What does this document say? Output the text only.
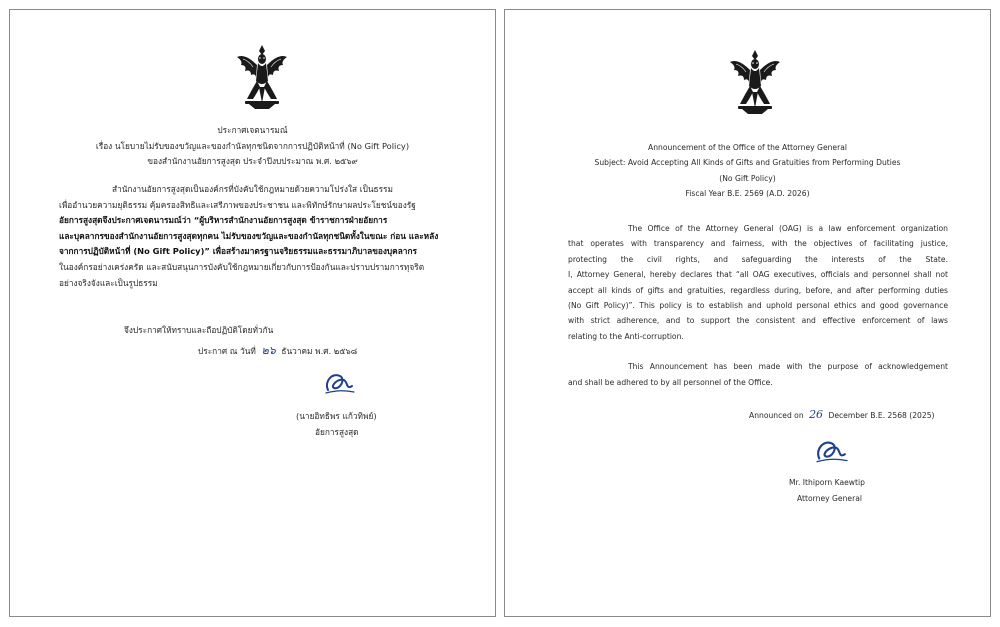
ประกาศเจตนารมณ์
เรื่อง นโยบายไม่รับของขวัญและของกำนัลทุกชนิดจากการปฏิบัติหน้าที่ (No Gift Policy)
ของสำนักงานอัยการสูงสุด ประจำปีงบประมาณ พ.ศ. ๒๕๖๙
สำนักงานอัยการสูงสุดเป็นองค์กรที่บังคับใช้กฎหมายด้วยความโปร่งใส เป็นธรรม
เพื่ออำนวยความยุติธรรม คุ้มครองสิทธิและเสรีภาพของประชาชน และพิทักษ์รักษาผลประโยชน์ของรัฐ
อัยการสูงสุดจึงประกาศเจตนารมณ์ว่า “ผู้บริหารสำนักงานอัยการสูงสุด ข้าราชการฝ่ายอัยการ
และบุคลากรของสำนักงานอัยการสูงสุดทุกคน ไม่รับของขวัญและของกำนัลทุกชนิดทั้งในขณะ ก่อน และหลัง
จากการปฏิบัติหน้าที่ (No Gift Policy)” เพื่อสร้างมาตรฐานจริยธรรมและธรรมาภิบาลของบุคลากร
ในองค์กรอย่างเคร่งครัด และสนับสนุนการบังคับใช้กฎหมายเกี่ยวกับการป้องกันและปราบปรามการทุจริต
อย่างจริงจังและเป็นรูปธรรม
จึงประกาศให้ทราบและถือปฏิบัติโดยทั่วกัน
ประกาศ ณ วันที่ ๒๖ ธันวาคม พ.ศ. ๒๕๖๘
(นายอิทธิพร แก้วทิพย์)
อัยการสูงสุด
Announcement of the Office of the Attorney General
Subject: Avoid Accepting All Kinds of Gifts and Gratuities from Performing Duties
(No Gift Policy)
Fiscal Year B.E. 2569 (A.D. 2026)
The Office of the Attorney General (OAG) is a law enforcement organization
that operates with transparency and fairness, with the objectives of facilitating justice,
protecting the civil rights, and safeguarding the interests of the State.
I, Attorney General, hereby declares that “all OAG executives, officials and personnel shall not
accept all kinds of gifts and gratuities, regardless during, before, and after performing duties
(No Gift Policy)”. This policy is to establish and uphold personal ethics and good governance
with strict adherence, and to support the consistent and effective enforcement of laws
relating to the Anti-corruption.
This Announcement has been made with the purpose of acknowledgement
and shall be adhered to by all personnel of the Office.
Announced on 26 December B.E. 2568 (2025)
Mr. Ithiporn Kaewtip
Attorney General
